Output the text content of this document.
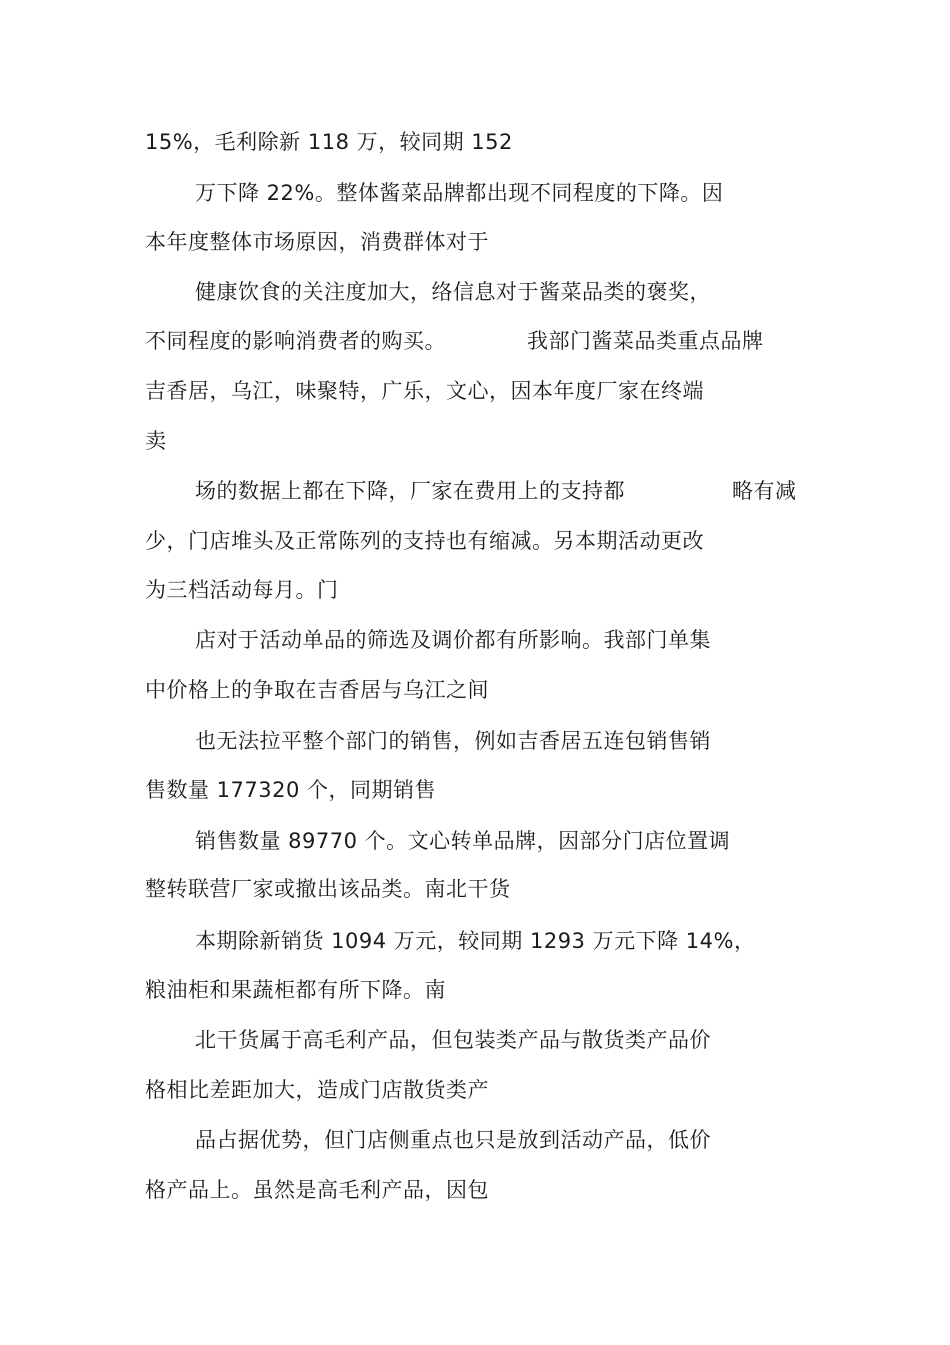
15%，毛利除新 118 万，较同期 152
万下降 22%。整体酱菜品牌都出现不同程度的下降。因
本年度整体市场原因，消费群体对于
健康饮食的关注度加大，络信息对于酱菜品类的褒奖，
不同程度的影响消费者的购买。	我部门酱菜品类重点品牌
吉香居，乌江，味聚特，广乐，文心，因本年度厂家在终端
卖
场的数据上都在下降，厂家在费用上的支持都	略有减
少，门店堆头及正常陈列的支持也有缩减。另本期活动更改
为三档活动每月。门
店对于活动单品的筛选及调价都有所影响。我部门单集
中价格上的争取在吉香居与乌江之间
也无法拉平整个部门的销售，例如吉香居五连包销售销
售数量 177320 个，同期销售
销售数量 89770 个。文心转单品牌，因部分门店位置调
整转联营厂家或撤出该品类。南北干货
本期除新销货 1094 万元，较同期 1293 万元下降 14%，
粮油柜和果蔬柜都有所下降。南
北干货属于高毛利产品，但包装类产品与散货类产品价
格相比差距加大，造成门店散货类产
品占据优势，但门店侧重点也只是放到活动产品，低价
格产品上。虽然是高毛利产品，因包
